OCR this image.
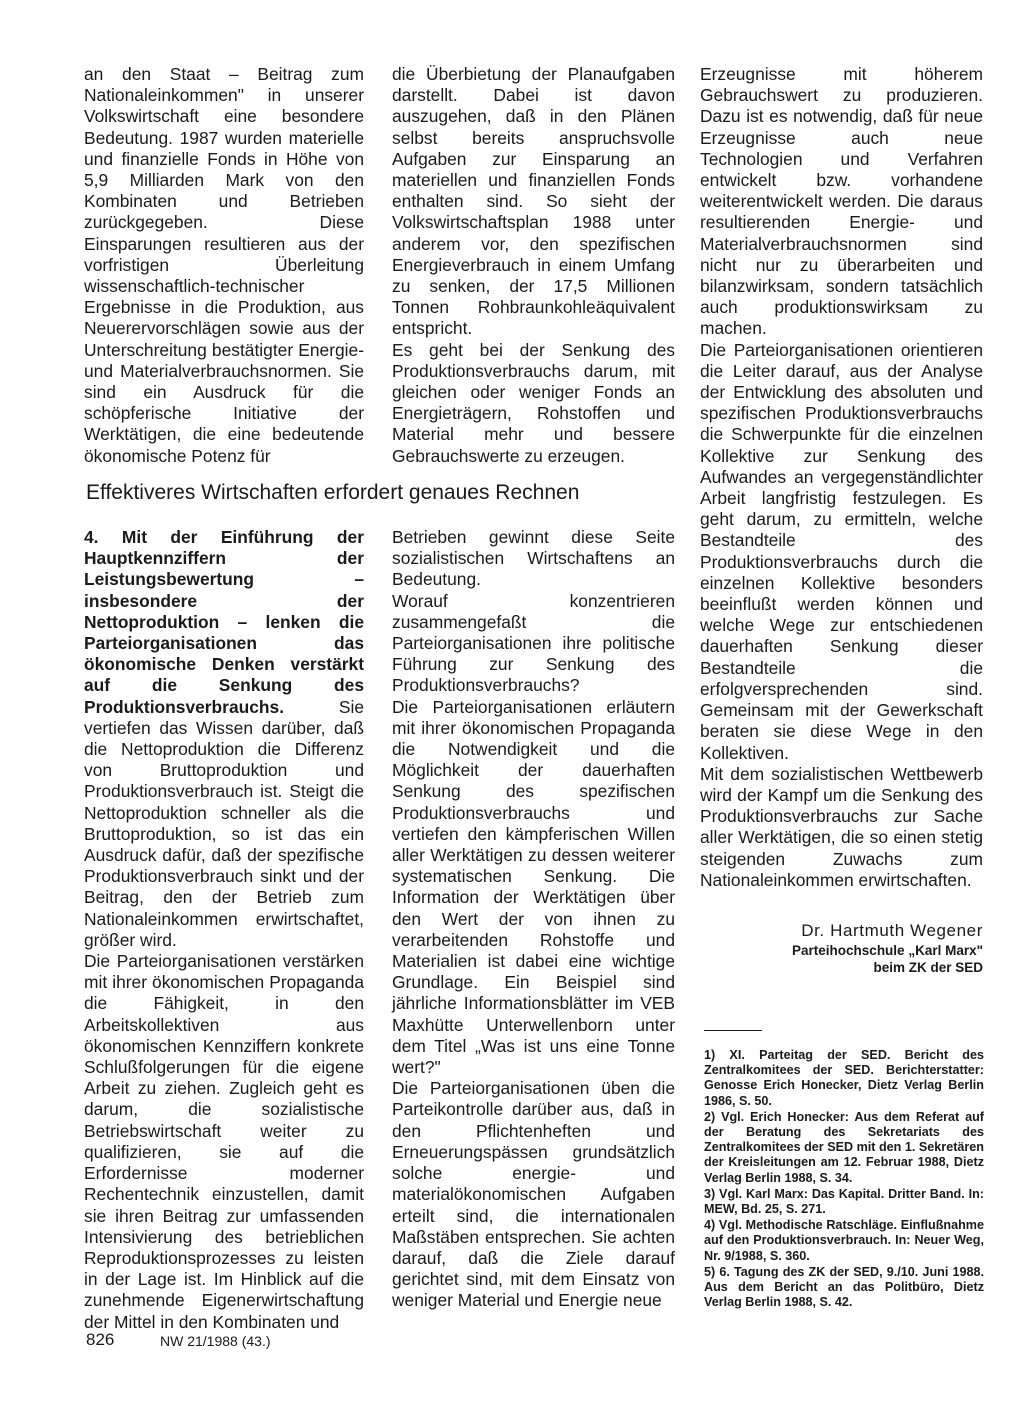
an den Staat – Beitrag zum Nationaleinkommen" in unserer Volkswirtschaft eine besondere Bedeutung. 1987 wurden materielle und finanzielle Fonds in Höhe von 5,9 Milliarden Mark von den Kombinaten und Betrieben zurückgegeben. Diese Einsparungen resultieren aus der vorfristigen Überleitung wissenschaftlich-technischer Ergebnisse in die Produktion, aus Neuerervorschlägen sowie aus der Unterschreitung bestätigter Energie- und Materialverbrauchsnormen. Sie sind ein Ausdruck für die schöpferische Initiative der Werktätigen, die eine bedeutende ökonomische Potenz für

die Überbietung der Planaufgaben darstellt. Dabei ist davon auszugehen, daß in den Plänen selbst bereits anspruchsvolle Aufgaben zur Einsparung an materiellen und finanziellen Fonds enthalten sind. So sieht der Volkswirtschaftsplan 1988 unter anderem vor, den spezifischen Energieverbrauch in einem Umfang zu senken, der 17,5 Millionen Tonnen Rohbraunkohleäquivalent entspricht.

Es geht bei der Senkung des Produktionsverbrauchs darum, mit gleichen oder weniger Fonds an Energieträgern, Rohstoffen und Material mehr und bessere Gebrauchswerte zu erzeugen.

Effektiveres Wirtschaften erfordert genaues Rechnen

4. Mit der Einführung der Hauptkennziffern der Leistungsbewertung – insbesondere der Nettoproduktion – lenken die Parteiorganisationen das ökonomische Denken verstärkt auf die Senkung des Produktionsverbrauchs. Sie vertiefen das Wissen darüber, daß die Nettoproduktion die Differenz von Bruttoproduktion und Produktionsverbrauch ist. Steigt die Nettoproduktion schneller als die Bruttoproduktion, so ist das ein Ausdruck dafür, daß der spezifische Produktionsverbrauch sinkt und der Beitrag, den der Betrieb zum Nationaleinkommen erwirtschaftet, größer wird.

Die Parteiorganisationen verstärken mit ihrer ökonomischen Propaganda die Fähigkeit, in den Arbeitskollektiven aus ökonomischen Kennziffern konkrete Schlußfolgerungen für die eigene Arbeit zu ziehen. Zugleich geht es darum, die sozialistische Betriebswirtschaft weiter zu qualifizieren, sie auf die Erfordernisse moderner Rechentechnik einzustellen, damit sie ihren Beitrag zur umfassenden Intensivierung des betrieblichen Reproduktionsprozesses zu leisten in der Lage ist. Im Hinblick auf die zunehmende Eigenerwirtschaftung der Mittel in den Kombinaten und

Betrieben gewinnt diese Seite sozialistischen Wirtschaftens an Bedeutung.

Worauf konzentrieren zusammengefaßt die Parteiorganisationen ihre politische Führung zur Senkung des Produktionsverbrauchs?

Die Parteiorganisationen erläutern mit ihrer ökonomischen Propaganda die Notwendigkeit und die Möglichkeit der dauerhaften Senkung des spezifischen Produktionsverbrauchs und vertiefen den kämpferischen Willen aller Werktätigen zu dessen weiterer systematischen Senkung. Die Information der Werktätigen über den Wert der von ihnen zu verarbeitenden Rohstoffe und Materialien ist dabei eine wichtige Grundlage. Ein Beispiel sind jährliche Informationsblätter im VEB Maxhütte Unterwellenborn unter dem Titel „Was ist uns eine Tonne wert?"

Die Parteiorganisationen üben die Parteikontrolle darüber aus, daß in den Pflichtenheften und Erneuerungspässen grundsätzlich solche energie- und materialökonomischen Aufgaben erteilt sind, die internationalen Maßstäben entsprechen. Sie achten darauf, daß die Ziele darauf gerichtet sind, mit dem Einsatz von weniger Material und Energie neue

Erzeugnisse mit höherem Gebrauchswert zu produzieren. Dazu ist es notwendig, daß für neue Erzeugnisse auch neue Technologien und Verfahren entwickelt bzw. vorhandene weiterentwickelt werden. Die daraus resultierenden Energie- und Materialverbrauchsnormen sind nicht nur zu überarbeiten und bilanzwirksam, sondern tatsächlich auch produktionswirksam zu machen.

Die Parteiorganisationen orientieren die Leiter darauf, aus der Analyse der Entwicklung des absoluten und spezifischen Produktionsverbrauchs die Schwerpunkte für die einzelnen Kollektive zur Senkung des Aufwandes an vergegenständlichter Arbeit langfristig festzulegen. Es geht darum, zu ermitteln, welche Bestandteile des Produktionsverbrauchs durch die einzelnen Kollektive besonders beeinflußt werden können und welche Wege zur entschiedenen dauerhaften Senkung dieser Bestandteile die erfolgversprechenden sind. Gemeinsam mit der Gewerkschaft beraten sie diese Wege in den Kollektiven.

Mit dem sozialistischen Wettbewerb wird der Kampf um die Senkung des Produktionsverbrauchs zur Sache aller Werktätigen, die so einen stetig steigenden Zuwachs zum Nationaleinkommen erwirtschaften.

Dr. Hartmuth Wegener
Parteihochschule „Karl Marx"
beim ZK der SED

1) XI. Parteitag der SED. Bericht des Zentralkomitees der SED. Berichterstatter: Genosse Erich Honecker, Dietz Verlag Berlin 1986, S. 50.

2) Vgl. Erich Honecker: Aus dem Referat auf der Beratung des Sekretariats des Zentralkomitees der SED mit den 1. Sekretären der Kreisleitungen am 12. Februar 1988, Dietz Verlag Berlin 1988, S. 34.

3) Vgl. Karl Marx: Das Kapital. Dritter Band. In: MEW, Bd. 25, S. 271.

4) Vgl. Methodische Ratschläge. Einflußnahme auf den Produktionsverbrauch. In: Neuer Weg, Nr. 9/1988, S. 360.

5) 6. Tagung des ZK der SED, 9./10. Juni 1988. Aus dem Bericht an das Politbüro, Dietz Verlag Berlin 1988, S. 42.

826	NW 21/1988 (43.)
